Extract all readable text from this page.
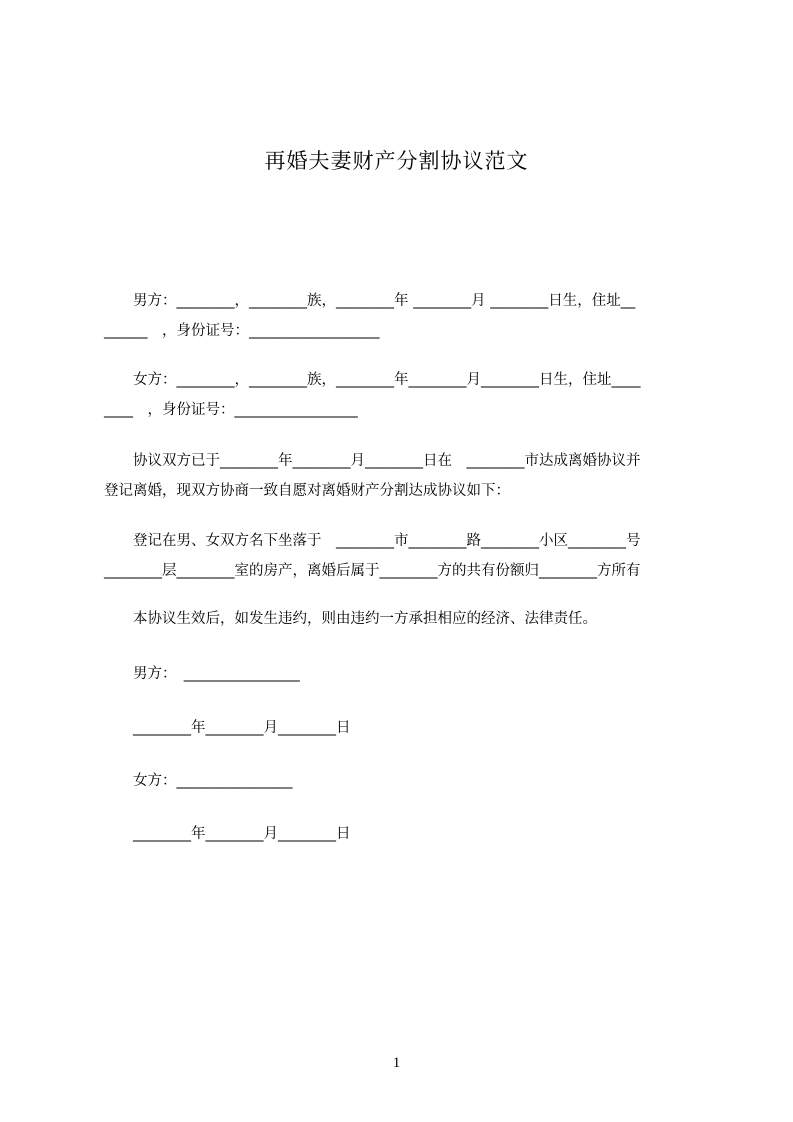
再婚夫妻财产分割协议范文
　　男方：________，________族，________年 ________月 ________日生，住址__
______　，身份证号：__________________
　　女方：________，________族，________年________月________日生，住址____
____　，身份证号：_________________
　　协议双方已于________年________月________日在　________市达成离婚协议并
登记离婚，现双方协商一致自愿对离婚财产分割达成协议如下：
　　登记在男、女双方名下坐落于　________市________路________小区________号
________层________室的房产，离婚后属于________方的共有份额归________方所有
　　本协议生效后，如发生违约，则由违约一方承担相应的经济、法律责任。
　　男方：　________________
　　________年________月________日
　　女方：________________
　　________年________月________日
1
